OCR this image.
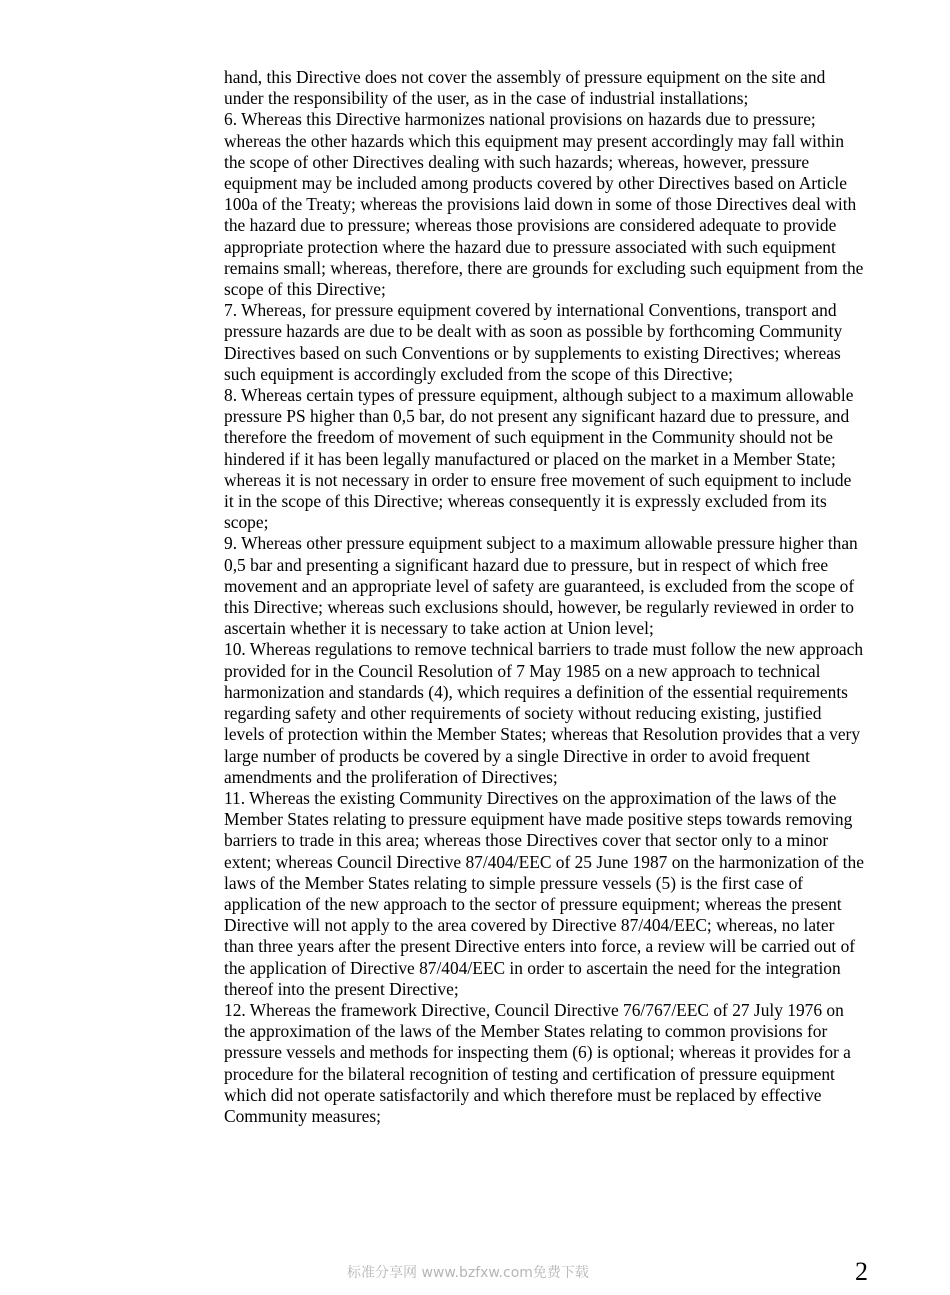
hand, this Directive does not cover the assembly of pressure equipment on the site and under the responsibility of the user, as in the case of industrial installations;

6. Whereas this Directive harmonizes national provisions on hazards due to pressure; whereas the other hazards which this equipment may present accordingly may fall within the scope of other Directives dealing with such hazards; whereas, however, pressure equipment may be included among products covered by other Directives based on Article 100a of the Treaty; whereas the provisions laid down in some of those Directives deal with the hazard due to pressure; whereas those provisions are considered adequate to provide appropriate protection where the hazard due to pressure associated with such equipment remains small; whereas, therefore, there are grounds for excluding such equipment from the scope of this Directive;

7. Whereas, for pressure equipment covered by international Conventions, transport and pressure hazards are due to be dealt with as soon as possible by forthcoming Community Directives based on such Conventions or by supplements to existing Directives; whereas such equipment is accordingly excluded from the scope of this Directive;

8. Whereas certain types of pressure equipment, although subject to a maximum allowable pressure PS higher than 0,5 bar, do not present any significant hazard due to pressure, and therefore the freedom of movement of such equipment in the Community should not be hindered if it has been legally manufactured or placed on the market in a Member State; whereas it is not necessary in order to ensure free movement of such equipment to include it in the scope of this Directive; whereas consequently it is expressly excluded from its scope;

9. Whereas other pressure equipment subject to a maximum allowable pressure higher than 0,5 bar and presenting a significant hazard due to pressure, but in respect of which free movement and an appropriate level of safety are guaranteed, is excluded from the scope of this Directive; whereas such exclusions should, however, be regularly reviewed in order to ascertain whether it is necessary to take action at Union level;

10. Whereas regulations to remove technical barriers to trade must follow the new approach provided for in the Council Resolution of 7 May 1985 on a new approach to technical harmonization and standards (4), which requires a definition of the essential requirements regarding safety and other requirements of society without reducing existing, justified levels of protection within the Member States; whereas that Resolution provides that a very large number of products be covered by a single Directive in order to avoid frequent amendments and the proliferation of Directives;

11. Whereas the existing Community Directives on the approximation of the laws of the Member States relating to pressure equipment have made positive steps towards removing barriers to trade in this area; whereas those Directives cover that sector only to a minor extent; whereas Council Directive 87/404/EEC of 25 June 1987 on the harmonization of the laws of the Member States relating to simple pressure vessels (5) is the first case of application of the new approach to the sector of pressure equipment; whereas the present Directive will not apply to the area covered by Directive 87/404/EEC; whereas, no later than three years after the present Directive enters into force, a review will be carried out of the application of Directive 87/404/EEC in order to ascertain the need for the integration thereof into the present Directive;

12. Whereas the framework Directive, Council Directive 76/767/EEC of 27 July 1976 on the approximation of the laws of the Member States relating to common provisions for pressure vessels and methods for inspecting them (6) is optional; whereas it provides for a procedure for the bilateral recognition of testing and certification of pressure equipment which did not operate satisfactorily and which therefore must be replaced by effective Community measures;

标准分享网 www.bzfxw.com免费下载	2
